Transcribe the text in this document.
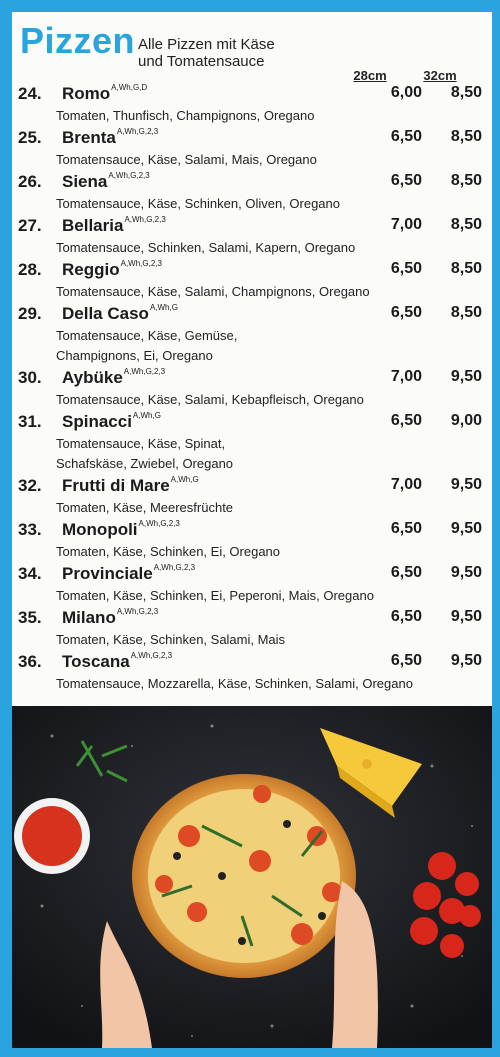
Pizzen Alle Pizzen mit Käse
und Tomatensauce
28cm	32cm
24.	Romo$^{A,Wh,G,D}$	6,00	8,50
Tomaten, Thunfisch, Champignons, Oregano
25.	Brenta$^{A,Wh,G,2,3}$	6,50	8,50
Tomatensauce, Käse, Salami, Mais, Oregano
26.	Siena$^{A,Wh,G,2,3}$	6,50	8,50
Tomatensauce, Käse, Schinken, Oliven, Oregano
27.	Bellaria$^{A,Wh,G,2,3}$	7,00	8,50
Tomatensauce, Schinken, Salami, Kapern, Oregano
28.	Reggio$^{A,Wh,G,2,3}$	6,50	8,50
Tomatensauce, Käse, Salami, Champignons, Oregano
29.	Della Caso$^{A,Wh,G}$	6,50	8,50
Tomatensauce, Käse, Gemüse,
Champignons, Ei, Oregano
30.	Aybüke$^{A,Wh,G,2,3}$	7,00	9,50
Tomatensauce, Käse, Salami, Kebapfleisch, Oregano
31.	Spinacci$^{A,Wh,G}$	6,50	9,00
Tomatensauce, Käse, Spinat,
Schafskäse, Zwiebel, Oregano
32.	Frutti di Mare$^{A,Wh,G}$	7,00	9,50
Tomaten, Käse, Meeresfrüchte
33.	Monopoli$^{A,Wh,G,2,3}$	6,50	9,50
Tomaten, Käse, Schinken, Ei, Oregano
34.	Provinciale$^{A,Wh,G,2,3}$	6,50	9,50
Tomaten, Käse, Schinken, Ei, Peperoni, Mais, Oregano
35.	Milano$^{A,Wh,G,2,3}$	6,50	9,50
Tomaten, Käse, Schinken, Salami, Mais
36.	Toscana$^{A,Wh,G,2,3}$	6,50	9,50
Tomatensauce, Mozzarella, Käse, Schinken, Salami, Oregano
